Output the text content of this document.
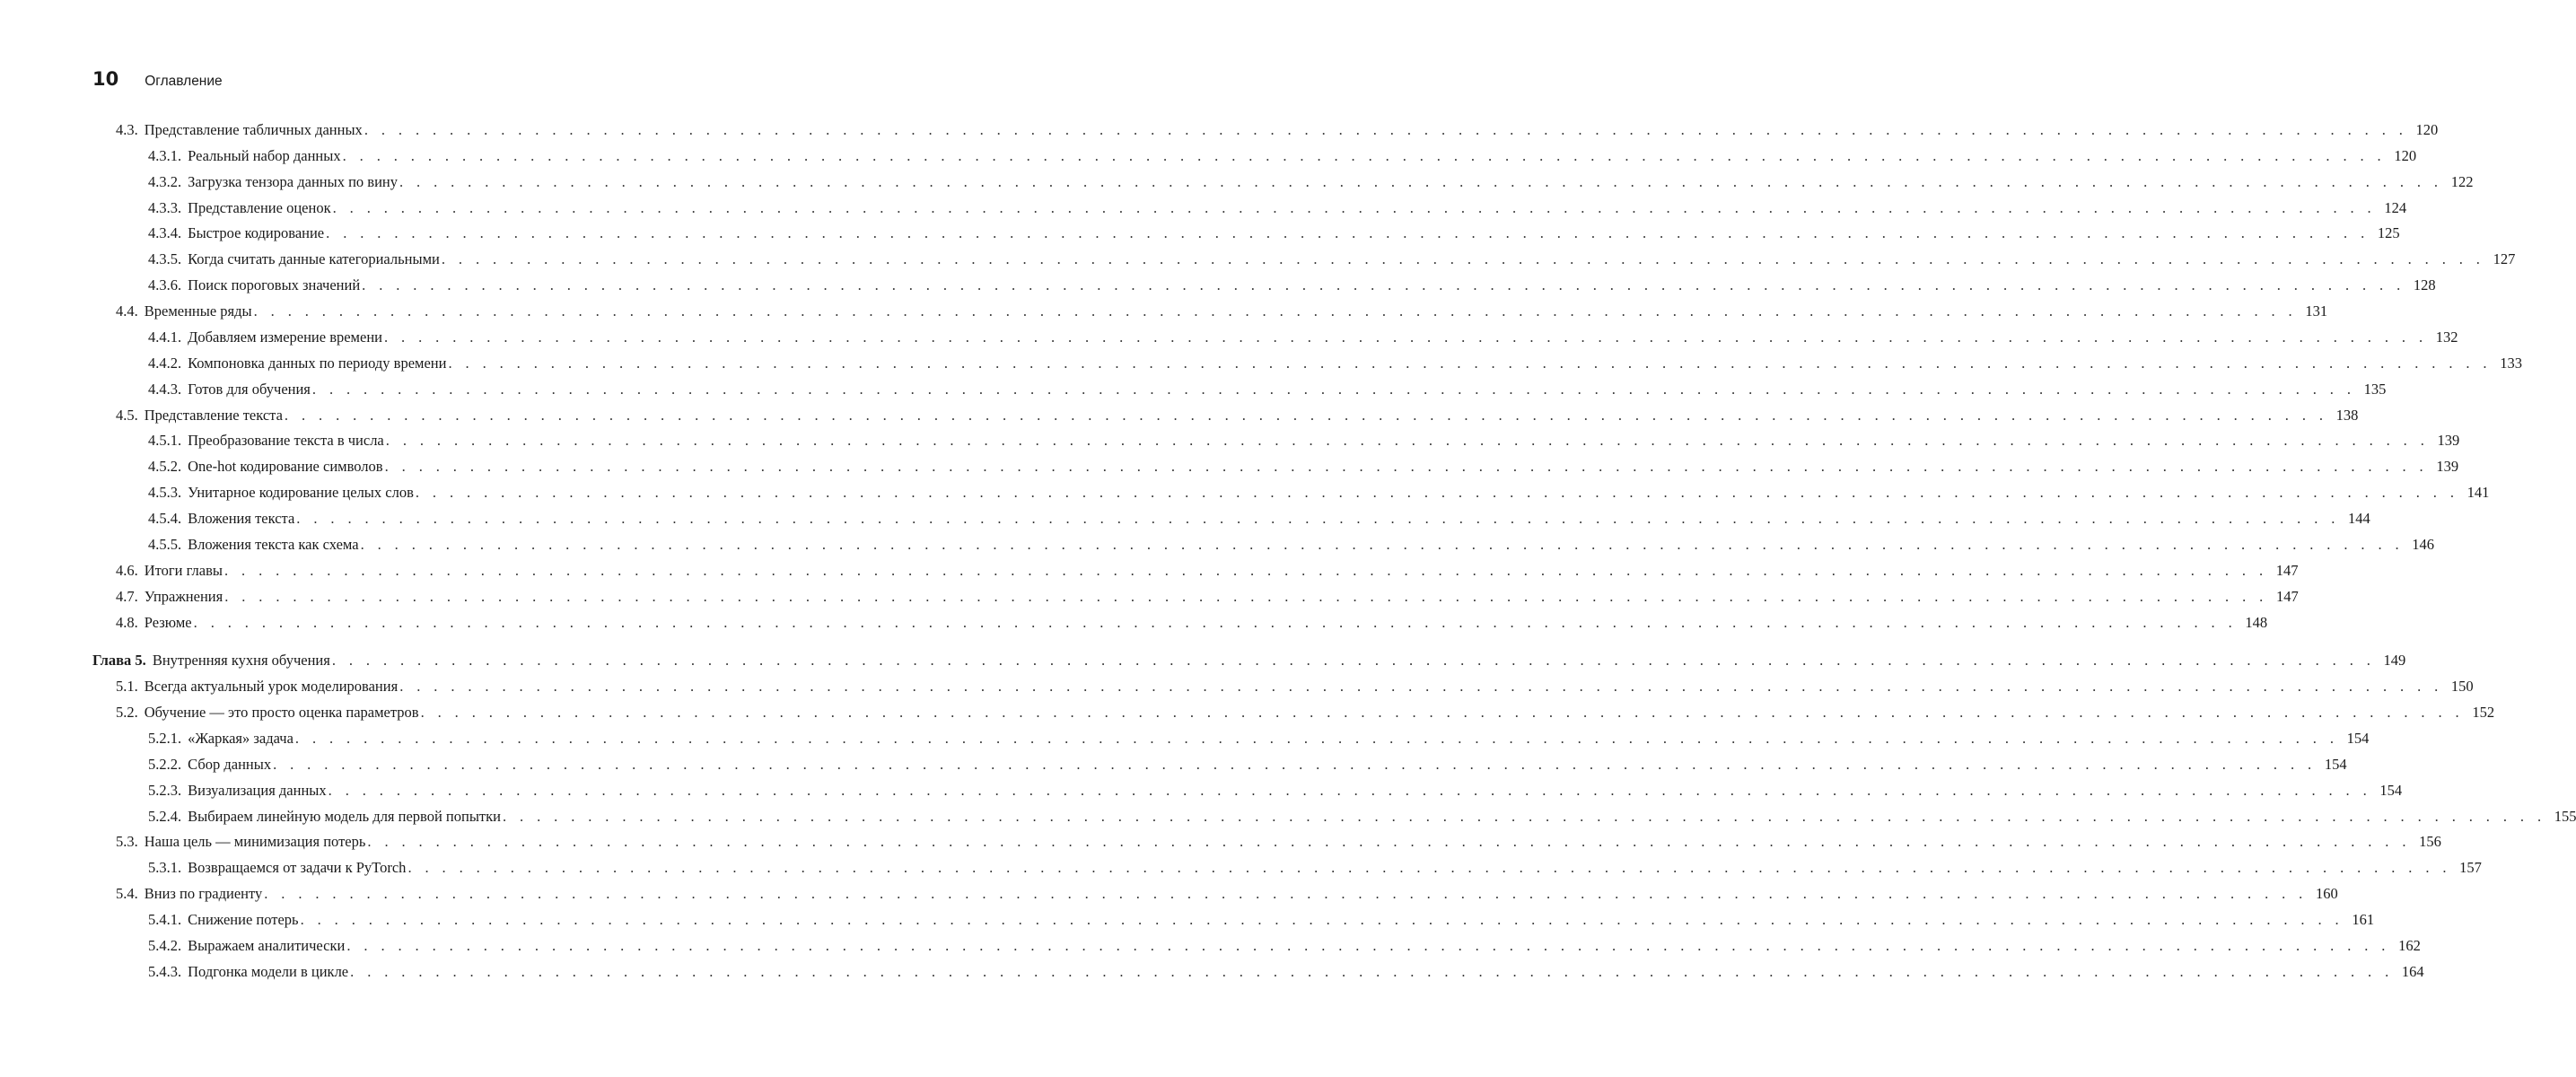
10 Оглавление
4.3. Представление табличных данных . . . . . . . . . . . . . . . . . . . . . . . . . . . . . . . . . . . . . . . . . . . . . . . . . . . . . . . . . . . . . . . . . . . . . . . . . . . . . . . . . . . . . . . . . . . . . . . . . . . . . . . . . . . . . . . . . . . . . . . . 120
4.3.1. Реальный набор данных . . . . . . . . . . . . . . . . . . . . . . . . . . . . . . . . . . . . . . . . . . . . . . . . . . . . . . . . . . . . . . . . . . . . . . . . . . . . . . . . . . . . . . . . . . . . . . . . . . . . . . . . . . . . . . . . . . . . . . . . 120
4.3.2. Загрузка тензора данных по вину . . . . . . . . . . . . . . . . . . . . . . . . . . . . . . . . . . . . . . . . . . . . . . . . . . . . . . . . . . . . . . . . . . . . . . . . . . . . . . . . . . . . . . . . . . . . . . . . . . . . . . . . . . . . . . . . . . . . . . . . 122
4.3.3. Представление оценок . . . . . . . . . . . . . . . . . . . . . . . . . . . . . . . . . . . . . . . . . . . . . . . . . . . . . . . . . . . . . . . . . . . . . . . . . . . . . . . . . . . . . . . . . . . . . . . . . . . . . . . . . . . . . . . . . . . . . . . . 124
4.3.4. Быстрое кодирование . . . . . . . . . . . . . . . . . . . . . . . . . . . . . . . . . . . . . . . . . . . . . . . . . . . . . . . . . . . . . . . . . . . . . . . . . . . . . . . . . . . . . . . . . . . . . . . . . . . . . . . . . . . . . . . . . . . . . . . . 125
4.3.5. Когда считать данные категориальными . . . . . . . . . . . . . . . . . . . . . . . . . . . . . . . . . . . . . . . . . . . . . . . . . . . . . . . . . . . . . . . . . . . . . . . . . . . . . . . . . . . . . . . . . . . . . . . . . . . . . . . . . . . . . . . . . . . . . . . . 127
4.3.6. Поиск пороговых значений . . . . . . . . . . . . . . . . . . . . . . . . . . . . . . . . . . . . . . . . . . . . . . . . . . . . . . . . . . . . . . . . . . . . . . . . . . . . . . . . . . . . . . . . . . . . . . . . . . . . . . . . . . . . . . . . . . . . . . . . 128
4.4. Временные ряды . . . . . . . . . . . . . . . . . . . . . . . . . . . . . . . . . . . . . . . . . . . . . . . . . . . . . . . . . . . . . . . . . . . . . . . . . . . . . . . . . . . . . . . . . . . . . . . . . . . . . . . . . . . . . . . . . . . . . . . . 131
4.4.1. Добавляем измерение времени . . . . . . . . . . . . . . . . . . . . . . . . . . . . . . . . . . . . . . . . . . . . . . . . . . . . . . . . . . . . . . . . . . . . . . . . . . . . . . . . . . . . . . . . . . . . . . . . . . . . . . . . . . . . . . . . . . . . . . . . 132
4.4.2. Компоновка данных по периоду времени . . . . . . . . . . . . . . . . . . . . . . . . . . . . . . . . . . . . . . . . . . . . . . . . . . . . . . . . . . . . . . . . . . . . . . . . . . . . . . . . . . . . . . . . . . . . . . . . . . . . . . . . . . . . . . . . . . . . . . . . 133
4.4.3. Готов для обучения . . . . . . . . . . . . . . . . . . . . . . . . . . . . . . . . . . . . . . . . . . . . . . . . . . . . . . . . . . . . . . . . . . . . . . . . . . . . . . . . . . . . . . . . . . . . . . . . . . . . . . . . . . . . . . . . . . . . . . . . 135
4.5. Представление текста . . . . . . . . . . . . . . . . . . . . . . . . . . . . . . . . . . . . . . . . . . . . . . . . . . . . . . . . . . . . . . . . . . . . . . . . . . . . . . . . . . . . . . . . . . . . . . . . . . . . . . . . . . . . . . . . . . . . . . . . 138
4.5.1. Преобразование текста в числа . . . . . . . . . . . . . . . . . . . . . . . . . . . . . . . . . . . . . . . . . . . . . . . . . . . . . . . . . . . . . . . . . . . . . . . . . . . . . . . . . . . . . . . . . . . . . . . . . . . . . . . . . . . . . . . . . . . . . . . . 139
4.5.2. One-hot кодирование символов . . . . . . . . . . . . . . . . . . . . . . . . . . . . . . . . . . . . . . . . . . . . . . . . . . . . . . . . . . . . . . . . . . . . . . . . . . . . . . . . . . . . . . . . . . . . . . . . . . . . . . . . . . . . . . . . . . . . . . . . 139
4.5.3. Унитарное кодирование целых слов . . . . . . . . . . . . . . . . . . . . . . . . . . . . . . . . . . . . . . . . . . . . . . . . . . . . . . . . . . . . . . . . . . . . . . . . . . . . . . . . . . . . . . . . . . . . . . . . . . . . . . . . . . . . . . . . . . . . . . . . 141
4.5.4. Вложения текста . . . . . . . . . . . . . . . . . . . . . . . . . . . . . . . . . . . . . . . . . . . . . . . . . . . . . . . . . . . . . . . . . . . . . . . . . . . . . . . . . . . . . . . . . . . . . . . . . . . . . . . . . . . . . . . . . . . . . . . . 144
4.5.5. Вложения текста как схема . . . . . . . . . . . . . . . . . . . . . . . . . . . . . . . . . . . . . . . . . . . . . . . . . . . . . . . . . . . . . . . . . . . . . . . . . . . . . . . . . . . . . . . . . . . . . . . . . . . . . . . . . . . . . . . . . . . . . . . . 146
4.6. Итоги главы . . . . . . . . . . . . . . . . . . . . . . . . . . . . . . . . . . . . . . . . . . . . . . . . . . . . . . . . . . . . . . . . . . . . . . . . . . . . . . . . . . . . . . . . . . . . . . . . . . . . . . . . . . . . . . . . . . . . . . . . 147
4.7. Упражнения . . . . . . . . . . . . . . . . . . . . . . . . . . . . . . . . . . . . . . . . . . . . . . . . . . . . . . . . . . . . . . . . . . . . . . . . . . . . . . . . . . . . . . . . . . . . . . . . . . . . . . . . . . . . . . . . . . . . . . . . 147
4.8. Резюме . . . . . . . . . . . . . . . . . . . . . . . . . . . . . . . . . . . . . . . . . . . . . . . . . . . . . . . . . . . . . . . . . . . . . . . . . . . . . . . . . . . . . . . . . . . . . . . . . . . . . . . . . . . . . . . . . . . . . . . . 148
Глава 5. Внутренняя кухня обучения . . . . . . . . . . . . . . . . . . . . . . . . . . . . . . . . . . . . . . . . . . . . . . . . . . . . . . . . . . . . . . . . . . . . . . . . . . . . . . . . . . . . . . . . . . . . . . . . . . . . . . . . . . . . . . . . . . . . . . . . 149
5.1. Всегда актуальный урок моделирования . . . . . . . . . . . . . . . . . . . . . . . . . . . . . . . . . . . . . . . . . . . . . . . . . . . . . . . . . . . . . . . . . . . . . . . . . . . . . . . . . . . . . . . . . . . . . . . . . . . . . . . . . . . . . . . . . . . . . . . . 150
5.2. Обучение — это просто оценка параметров . . . . . . . . . . . . . . . . . . . . . . . . . . . . . . . . . . . . . . . . . . . . . . . . . . . . . . . . . . . . . . . . . . . . . . . . . . . . . . . . . . . . . . . . . . . . . . . . . . . . . . . . . . . . . . . . . . . . . . . . 152
5.2.1. «Жаркая» задача . . . . . . . . . . . . . . . . . . . . . . . . . . . . . . . . . . . . . . . . . . . . . . . . . . . . . . . . . . . . . . . . . . . . . . . . . . . . . . . . . . . . . . . . . . . . . . . . . . . . . . . . . . . . . . . . . . . . . . . . 154
5.2.2. Сбор данных . . . . . . . . . . . . . . . . . . . . . . . . . . . . . . . . . . . . . . . . . . . . . . . . . . . . . . . . . . . . . . . . . . . . . . . . . . . . . . . . . . . . . . . . . . . . . . . . . . . . . . . . . . . . . . . . . . . . . . . . 154
5.2.3. Визуализация данных . . . . . . . . . . . . . . . . . . . . . . . . . . . . . . . . . . . . . . . . . . . . . . . . . . . . . . . . . . . . . . . . . . . . . . . . . . . . . . . . . . . . . . . . . . . . . . . . . . . . . . . . . . . . . . . . . . . . . . . . 154
5.2.4. Выбираем линейную модель для первой попытки . . . . . . . . . . . . . . . . . . . . . . . . . . . . . . . . . . . . . . . . . . . . . . . . . . . . . . . . . . . . . . . . . . . . . . . . . . . . . . . . . . . . . . . . . . . . . . . . . . . . . . . . . . . . . . . . . . . . . . . . 155
5.3. Наша цель — минимизация потерь . . . . . . . . . . . . . . . . . . . . . . . . . . . . . . . . . . . . . . . . . . . . . . . . . . . . . . . . . . . . . . . . . . . . . . . . . . . . . . . . . . . . . . . . . . . . . . . . . . . . . . . . . . . . . . . . . . . . . . . . 156
5.3.1. Возвращаемся от задачи к PyTorch . . . . . . . . . . . . . . . . . . . . . . . . . . . . . . . . . . . . . . . . . . . . . . . . . . . . . . . . . . . . . . . . . . . . . . . . . . . . . . . . . . . . . . . . . . . . . . . . . . . . . . . . . . . . . . . . . . . . . . . . 157
5.4. Вниз по градиенту . . . . . . . . . . . . . . . . . . . . . . . . . . . . . . . . . . . . . . . . . . . . . . . . . . . . . . . . . . . . . . . . . . . . . . . . . . . . . . . . . . . . . . . . . . . . . . . . . . . . . . . . . . . . . . . . . . . . . . . . 160
5.4.1. Снижение потерь . . . . . . . . . . . . . . . . . . . . . . . . . . . . . . . . . . . . . . . . . . . . . . . . . . . . . . . . . . . . . . . . . . . . . . . . . . . . . . . . . . . . . . . . . . . . . . . . . . . . . . . . . . . . . . . . . . . . . . . . 161
5.4.2. Выражаем аналитически . . . . . . . . . . . . . . . . . . . . . . . . . . . . . . . . . . . . . . . . . . . . . . . . . . . . . . . . . . . . . . . . . . . . . . . . . . . . . . . . . . . . . . . . . . . . . . . . . . . . . . . . . . . . . . . . . . . . . . . . 162
5.4.3. Подгонка модели в цикле . . . . . . . . . . . . . . . . . . . . . . . . . . . . . . . . . . . . . . . . . . . . . . . . . . . . . . . . . . . . . . . . . . . . . . . . . . . . . . . . . . . . . . . . . . . . . . . . . . . . . . . . . . . . . . . . . . . . . . . . 164
